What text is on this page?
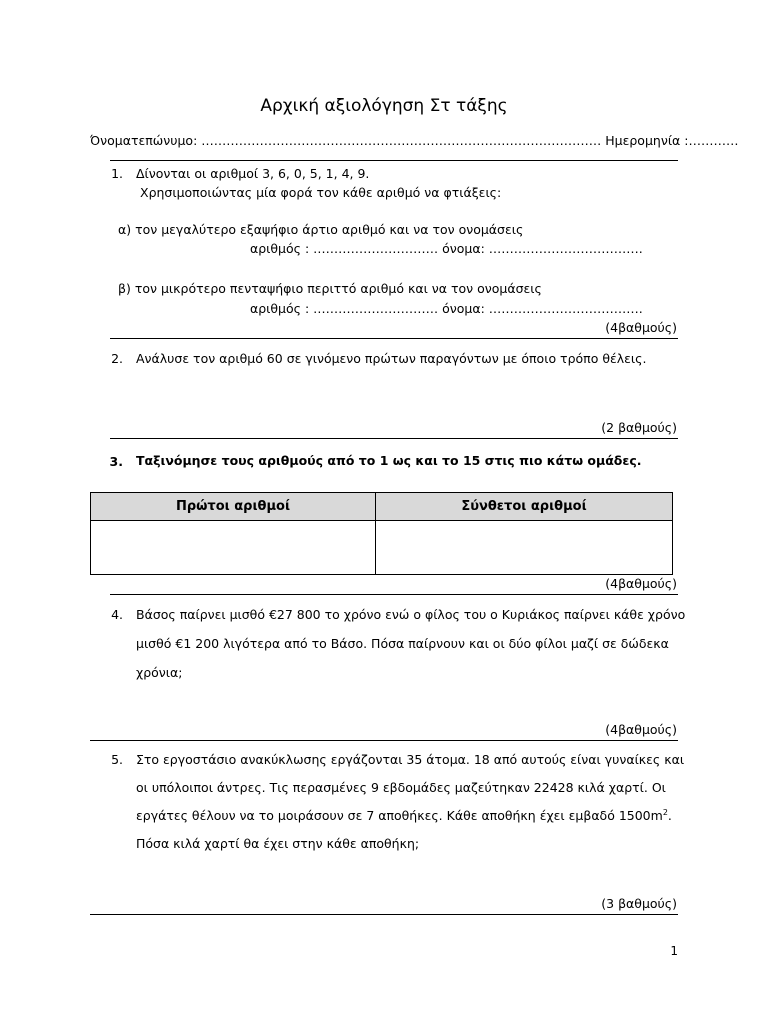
Αρχική αξιολόγηση Στ τάξης
Όνοματεπώνυμο: …………………………………………………………………………………… Ημερομηνία :…………
1. Δίνονται οι αριθμοί 3, 6, 0, 5, 1, 4, 9.
Χρησιμοποιώντας μία φορά τον κάθε αριθμό να φτιάξεις:
α) τον μεγαλύτερο εξαψήφιο άρτιο αριθμό και να τον ονομάσεις
αριθμός : ………………………… όνομα: ……………………………….
β) τον μικρότερο πενταψήφιο περιττό αριθμό και να τον ονομάσεις
αριθμός : ………………………… όνομα: ……………………………….
(4βαθμούς)
2. Ανάλυσε τον αριθμό 60 σε γινόμενο πρώτων παραγόντων με όποιο τρόπο θέλεις.
(2 βαθμούς)
3. Ταξινόμησε τους αριθμούς από το 1 ως και το 15 στις πιο κάτω ομάδες.
Πρώτοι αριθμοί	Σύνθετοι αριθμοί

(4βαθμούς)
4. Βάσος παίρνει μισθό €27 800 το χρόνο ενώ ο φίλος του ο Κυριάκος παίρνει κάθε χρόνο
μισθό €1 200 λιγότερα από το Βάσο. Πόσα παίρνουν και οι δύο φίλοι μαζί σε δώδεκα
χρόνια;
(4βαθμούς)
5. Στο εργοστάσιο ανακύκλωσης εργάζονται 35 άτομα. 18 από αυτούς είναι γυναίκες και
οι υπόλοιποι άντρες. Τις περασμένες 9 εβδομάδες μαζεύτηκαν 22428 κιλά χαρτί. Οι
εργάτες θέλουν να το μοιράσουν σε 7 αποθήκες. Κάθε αποθήκη έχει εμβαδό $1500m^2$.
Πόσα κιλά χαρτί θα έχει στην κάθε αποθήκη;
(3 βαθμούς)
1
